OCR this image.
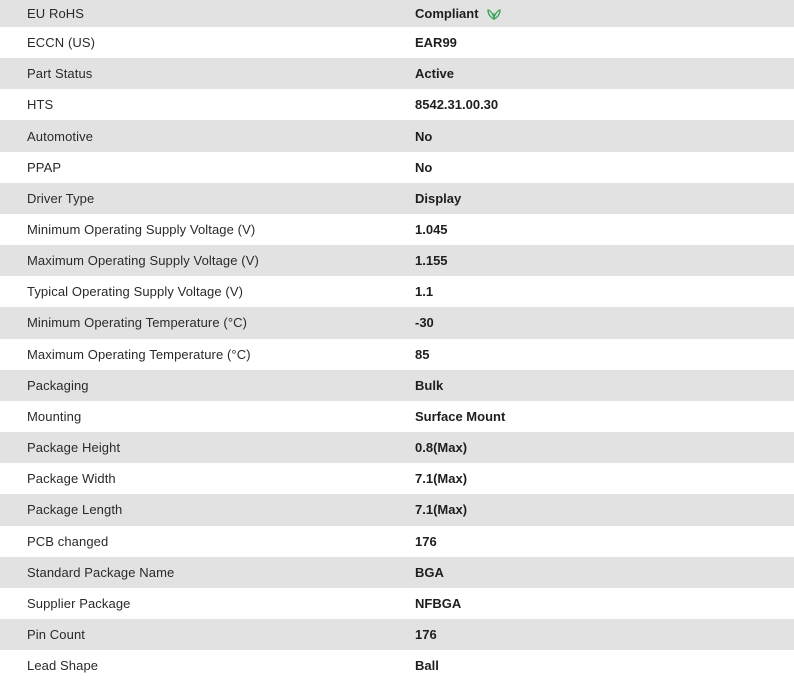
EU RoHS	Compliant
ECCN (US)	EAR99
Part Status	Active
HTS	8542.31.00.30
Automotive	No
PPAP	No
Driver Type	Display
Minimum Operating Supply Voltage (V)	1.045
Maximum Operating Supply Voltage (V)	1.155
Typical Operating Supply Voltage (V)	1.1
Minimum Operating Temperature (°C)	-30
Maximum Operating Temperature (°C)	85
Packaging	Bulk
Mounting	Surface Mount
Package Height	0.8(Max)
Package Width	7.1(Max)
Package Length	7.1(Max)
PCB changed	176
Standard Package Name	BGA
Supplier Package	NFBGA
Pin Count	176
Lead Shape	Ball
